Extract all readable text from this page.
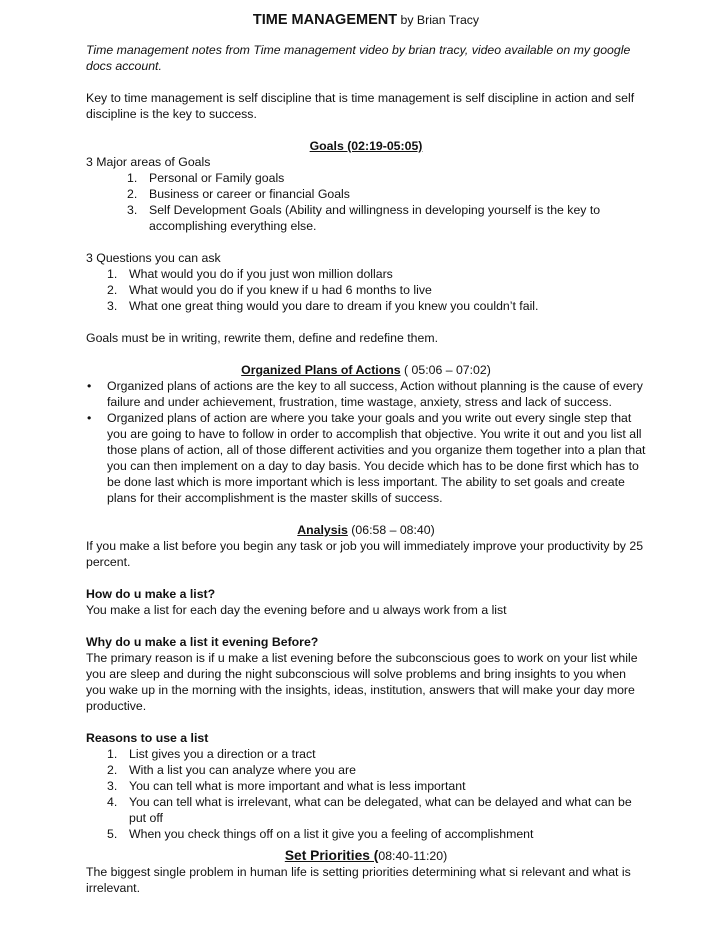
TIME MANAGEMENT by Brian Tracy

Time management notes from Time management video by brian tracy, video available on my google docs account.

Key to time management is self discipline that is time management is self discipline in action and self discipline is the key to success.

Goals (02:19-05:05)

3 Major areas of Goals

1. Personal or Family goals
2. Business or career or financial Goals
3. Self Development Goals (Ability and willingness in developing yourself is the key to accomplishing everything else.

3 Questions you can ask

1. What would you do if you just won million dollars
2. What would you do if you knew if u had 6 months to live
3. What one great thing would you dare to dream if you knew you couldn’t fail.

Goals must be in writing, rewrite them, define and redefine them.

Organized Plans of Actions ( 05:06 – 07:02)

• Organized plans of actions are the key to all success, Action without planning is the cause of every failure and under achievement, frustration, time wastage, anxiety, stress and lack of success.
• Organized plans of action are where you take your goals and you write out every single step that you are going to have to follow in order to accomplish that objective. You write it out and you list all those plans of action, all of those different activities and you organize them together into a plan that you can then implement on a day to day basis. You decide which has to be done first which has to be done last which is more important which is less important. The ability to set goals and create plans for their accomplishment is the master skills of success.

Analysis (06:58 – 08:40)

If you make a list before you begin any task or job you will immediately improve your productivity by 25 percent.

How do u make a list?

You make a list for each day the evening before and u always work from a list

Why do u make a list it evening Before?

The primary reason is if u make a list evening before the subconscious goes to work on your list while you are sleep and during the night subconscious will solve problems and bring insights to you when you wake up in the morning with the insights, ideas, institution, answers that will make your day more productive.

Reasons to use a list

1. List gives you a direction or a tract
2. With a list you can analyze where you are
3. You can tell what is more important and what is less important
4. You can tell what is irrelevant, what can be delegated, what can be delayed and what can be put off
5. When you check things off on a list it give you a feeling of accomplishment

Set Priorities (08:40-11:20)

The biggest single problem in human life is setting priorities determining what si relevant and what is irrelevant.
